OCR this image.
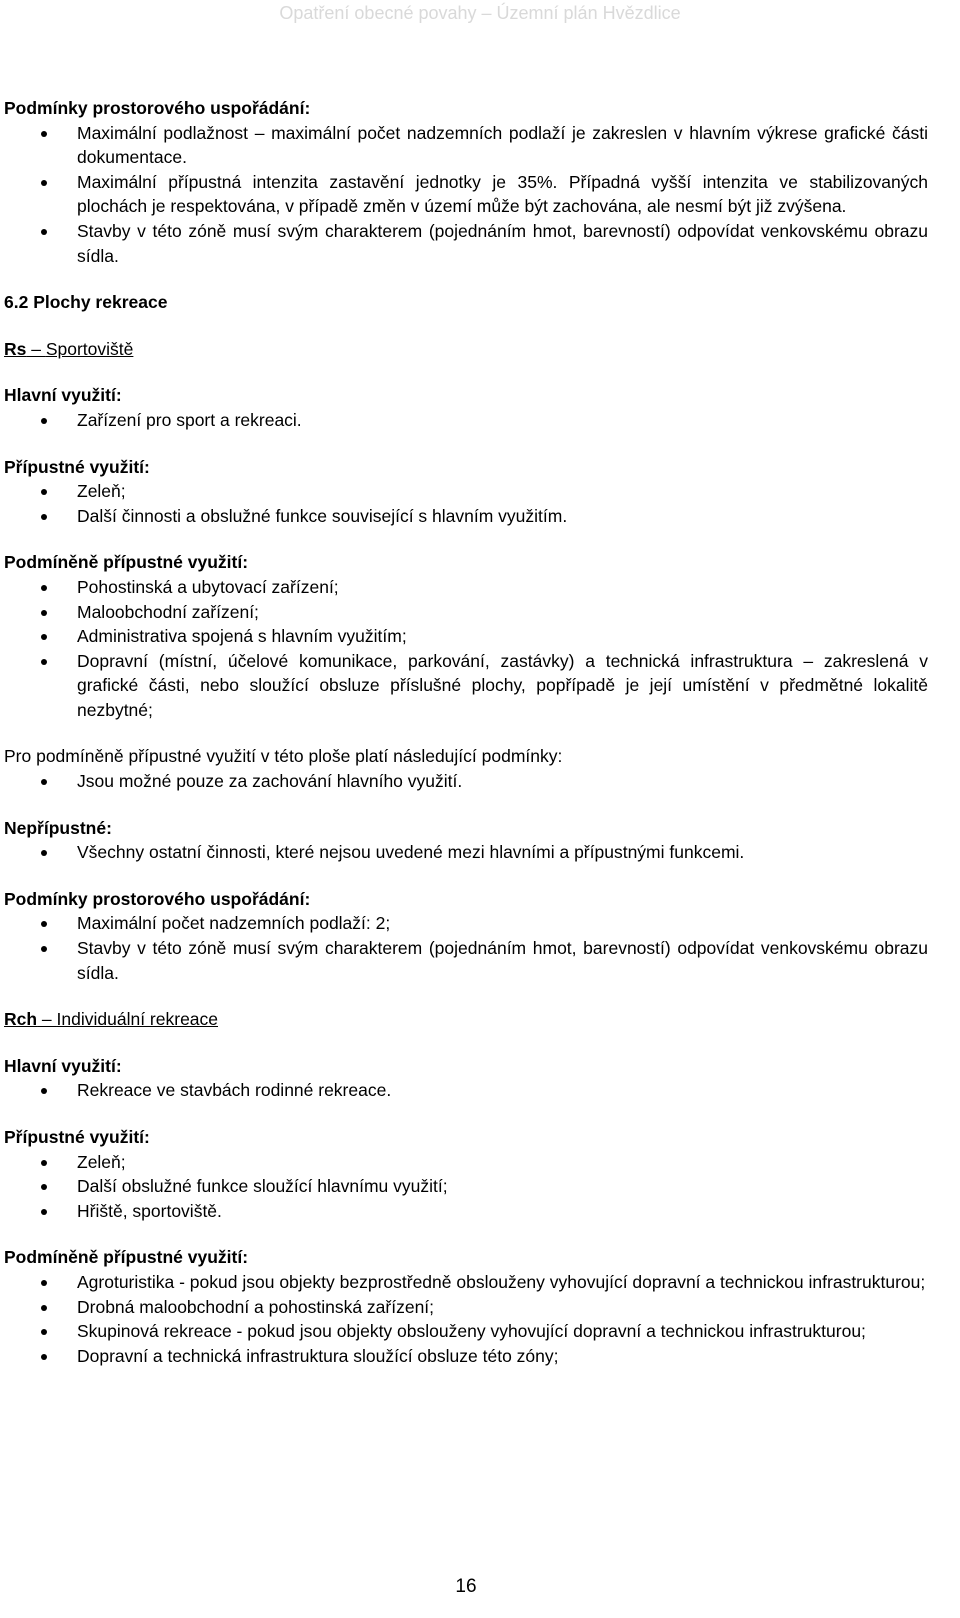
Opatření obecné povahy – Územní plán Hvězdlice
Podmínky prostorového uspořádání:
Maximální podlažnost – maximální počet nadzemních podlaží je zakreslen v hlavním výkrese grafické části dokumentace.
Maximální přípustná intenzita zastavění jednotky je 35%. Případná vyšší intenzita ve stabilizovaných plochách je respektována, v případě změn v území může být zachována, ale nesmí být již zvýšena.
Stavby v této zóně musí svým charakterem (pojednáním hmot, barevností) odpovídat venkovskému obrazu sídla.
6.2 Plochy rekreace
Rs – Sportoviště
Hlavní využití:
Zařízení pro sport a rekreaci.
Přípustné využití:
Zeleň;
Další činnosti a obslužné funkce související s hlavním využitím.
Podmíněně přípustné využití:
Pohostinská a ubytovací zařízení;
Maloobchodní zařízení;
Administrativa spojená s hlavním využitím;
Dopravní (místní, účelové komunikace, parkování, zastávky) a technická infrastruktura – zakreslená v grafické části, nebo sloužící obsluze příslušné plochy, popřípadě je její umístění v předmětné lokalitě nezbytné;
Pro podmíněně přípustné využití v této ploše platí následující podmínky:
Jsou možné pouze za zachování hlavního využití.
Nepřípustné:
Všechny ostatní činnosti, které nejsou uvedené mezi hlavními a přípustnými funkcemi.
Podmínky prostorového uspořádání:
Maximální počet nadzemních podlaží: 2;
Stavby v této zóně musí svým charakterem (pojednáním hmot, barevností) odpovídat venkovskému obrazu sídla.
Rch – Individuální rekreace
Hlavní využití:
Rekreace ve stavbách rodinné rekreace.
Přípustné využití:
Zeleň;
Další obslužné funkce sloužící hlavnímu využití;
Hřiště, sportoviště.
Podmíněně přípustné využití:
Agroturistika - pokud jsou objekty bezprostředně obslouženy vyhovující dopravní a technickou infrastrukturou;
Drobná maloobchodní a pohostinská zařízení;
Skupinová rekreace - pokud jsou objekty obslouženy vyhovující dopravní a technickou infrastrukturou;
Dopravní a technická infrastruktura sloužící obsluze této zóny;
16
